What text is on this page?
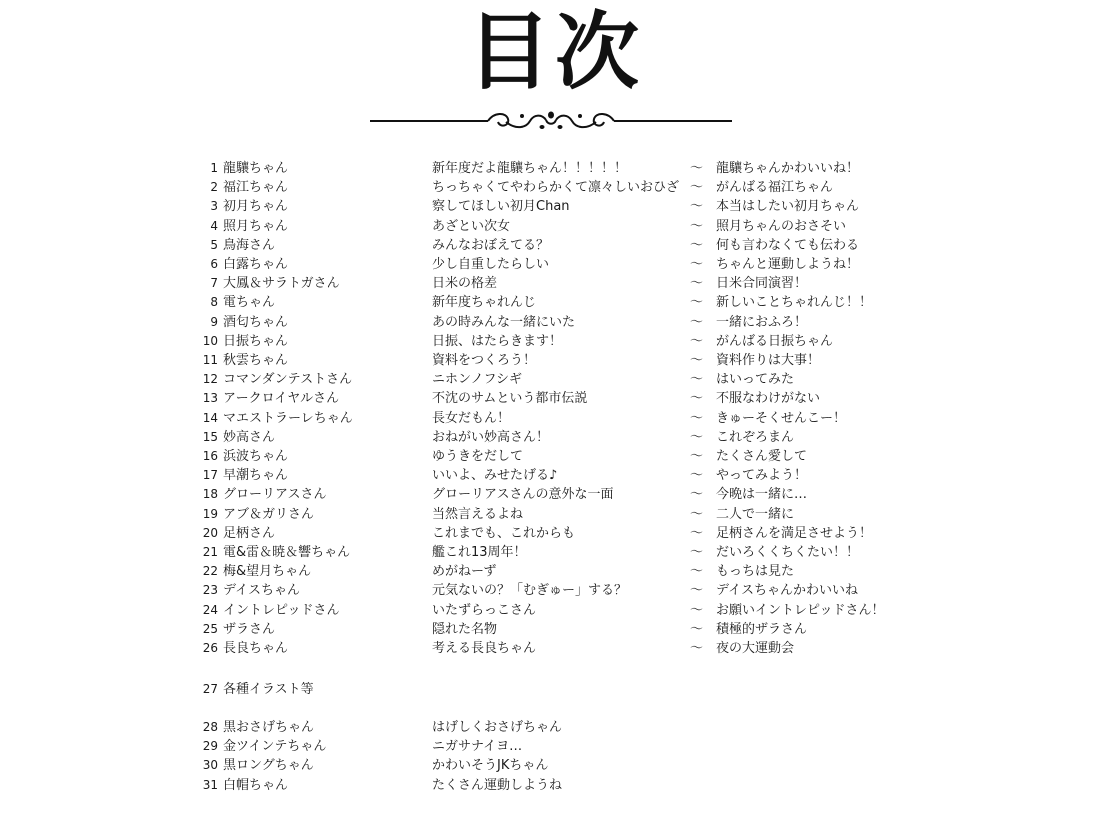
目次
1 龍驤ちゃん	新年度だよ龍驤ちゃん！！！！！	～ 龍驤ちゃんかわいいね！
2 福江ちゃん	ちっちゃくてやわらかくて凛々しいおひざ ～ がんばる福江ちゃん
3 初月ちゃん	察してほしい初月Chan	～ 本当はしたい初月ちゃん
4 照月ちゃん	あざとい次女	～ 照月ちゃんのおさそい
5 鳥海さん	みんなおぼえてる？	～ 何も言わなくても伝わる
6 白露ちゃん	少し自重したらしい	～ ちゃんと運動しようね！
7 大鳳＆サラトガさん	日米の格差	～ 日米合同演習！
8 電ちゃん	新年度ちゃれんじ	～ 新しいことちゃれんじ！！
9 酒匂ちゃん	あの時みんな一緒にいた	～ 一緒におふろ！
10 日振ちゃん	日振、はたらきます！	～ がんばる日振ちゃん
11 秋雲ちゃん	資料をつくろう！	～ 資料作りは大事！
12 コマンダンテストさん	ニホンノフシギ	～ はいってみた
13 アークロイヤルさん	不沈のサムという都市伝説	～ 不服なわけがない
14 マエストラーレちゃん	長女だもん！	～ きゅーそくせんこー！
15 妙高さん	おねがい妙高さん！	～ これぞろまん
16 浜波ちゃん	ゆうきをだして	～ たくさん愛して
17 早潮ちゃん	いいよ、みせたげる♪	～ やってみよう！
18 グローリアスさん	グローリアスさんの意外な一面	～ 今晩は一緒に…
19 アブ＆ガリさん	当然言えるよね	～ 二人で一緒に
20 足柄さん	これまでも、これからも	～ 足柄さんを満足させよう！
21 電&雷＆暁＆響ちゃん	艦これ13周年！	～ だいろくくちくたい！！
22 梅&望月ちゃん	めがねーず	～ もっちは見た
23 デイスちゃん	元気ないの？「むぎゅー」する？	～ デイスちゃんかわいいね
24 イントレピッドさん	いたずらっこさん	～ お願いイントレピッドさん！
25 ザラさん	隠れた名物	～ 積極的ザラさん
26 長良ちゃん	考える長良ちゃん	～ 夜の大運動会
27 各種イラスト等
28 黒おさげちゃん	はげしくおさげちゃん
29 金ツインテちゃん	ニガサナイヨ…
30 黒ロングちゃん	かわいそうJKちゃん
31 白帽ちゃん	たくさん運動しようね
